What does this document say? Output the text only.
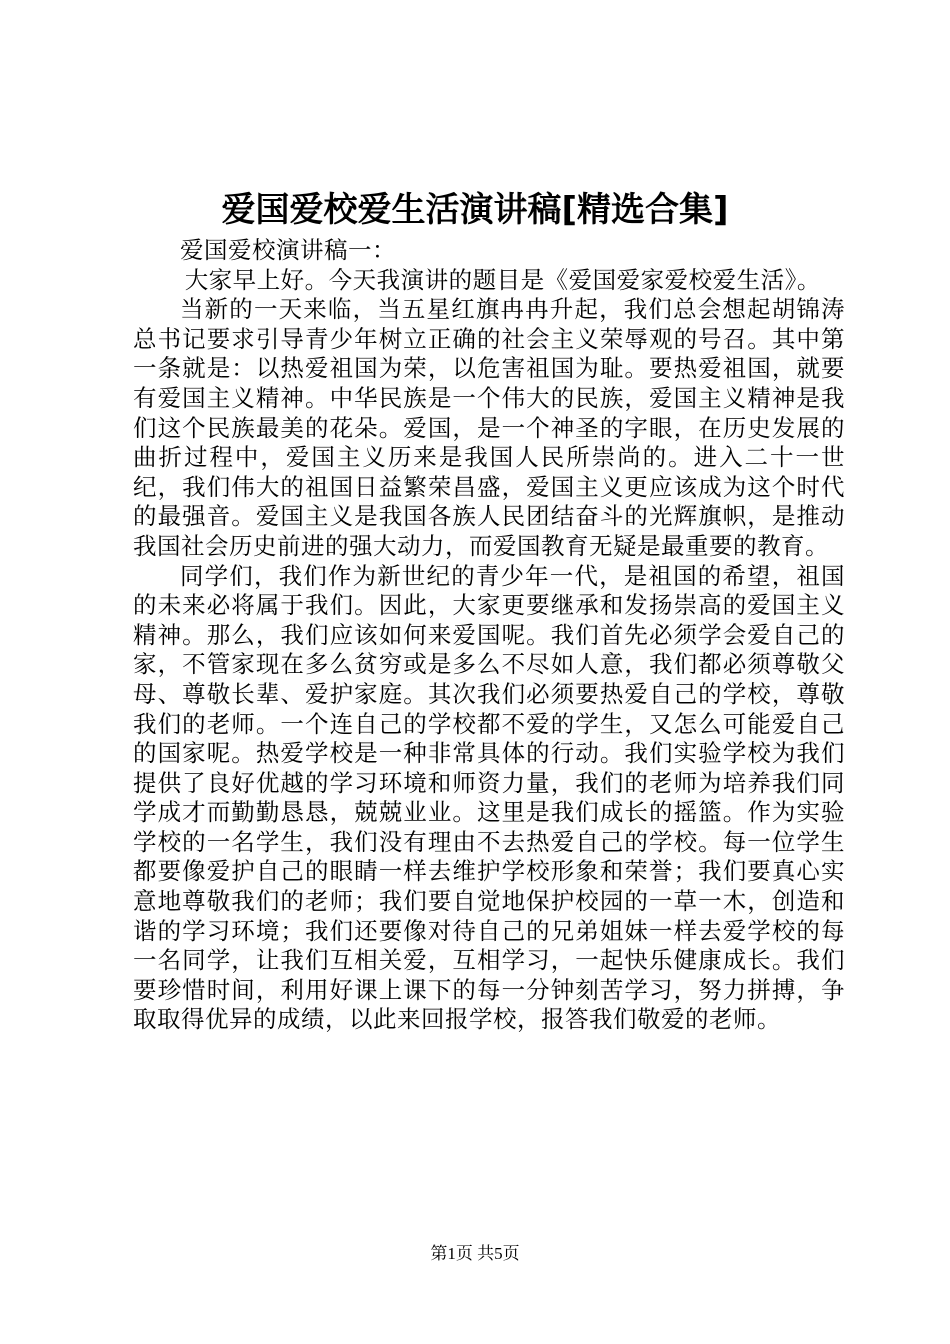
爱国爱校爱生活演讲稿[精选合集]

爱国爱校演讲稿一：

大家早上好。今天我演讲的题目是《爱国爱家爱校爱生活》。

当新的一天来临，当五星红旗冉冉升起，我们总会想起胡锦涛总书记要求引导青少年树立正确的社会主义荣辱观的号召。其中第一条就是：以热爱祖国为荣，以危害祖国为耻。要热爱祖国，就要有爱国主义精神。中华民族是一个伟大的民族，爱国主义精神是我们这个民族最美的花朵。爱国，是一个神圣的字眼，在历史发展的曲折过程中，爱国主义历来是我国人民所崇尚的。进入二十一世纪，我们伟大的祖国日益繁荣昌盛，爱国主义更应该成为这个时代的最强音。爱国主义是我国各族人民团结奋斗的光辉旗帜，是推动我国社会历史前进的强大动力，而爱国教育无疑是最重要的教育。

同学们，我们作为新世纪的青少年一代，是祖国的希望，祖国的未来必将属于我们。因此，大家更要继承和发扬崇高的爱国主义精神。那么，我们应该如何来爱国呢。我们首先必须学会爱自己的家，不管家现在多么贫穷或是多么不尽如人意，我们都必须尊敬父母、尊敬长辈、爱护家庭。其次我们必须要热爱自己的学校，尊敬我们的老师。一个连自己的学校都不爱的学生，又怎么可能爱自己的国家呢。热爱学校是一种非常具体的行动。我们实验学校为我们提供了良好优越的学习环境和师资力量，我们的老师为培养我们同学成才而勤勤恳恳，兢兢业业。这里是我们成长的摇篮。作为实验学校的一名学生，我们没有理由不去热爱自己的学校。每一位学生都要像爱护自己的眼睛一样去维护学校形象和荣誉；我们要真心实意地尊敬我们的老师；我们要自觉地保护校园的一草一木，创造和谐的学习环境；我们还要像对待自己的兄弟姐妹一样去爱学校的每一名同学，让我们互相关爱，互相学习，一起快乐健康成长。我们要珍惜时间，利用好课上课下的每一分钟刻苦学习，努力拼搏，争取取得优异的成绩，以此来回报学校，报答我们敬爱的老师。

第1页 共5页
